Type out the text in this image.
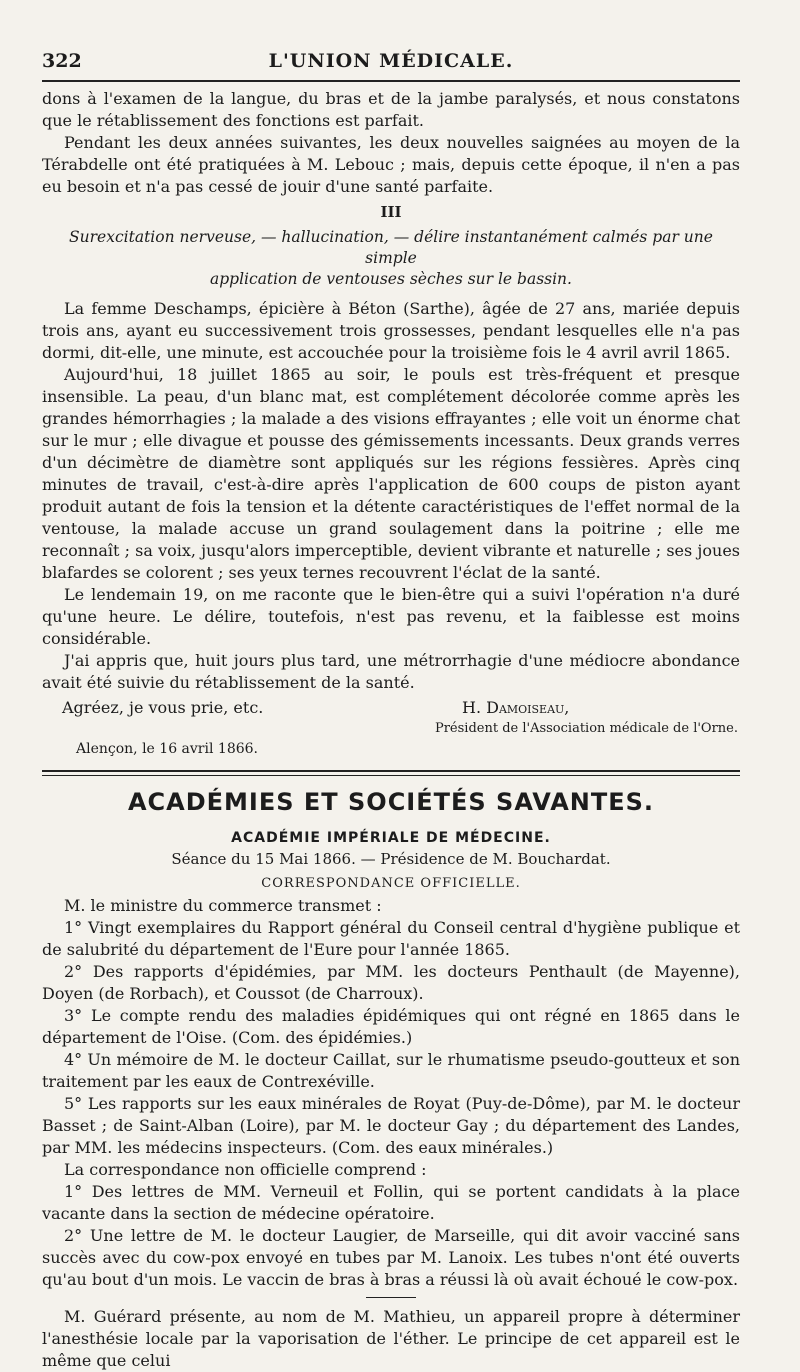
322	L'UNION MÉDICALE.

dons à l'examen de la langue, du bras et de la jambe paralysés, et nous constatons que le rétablissement des fonctions est parfait.

Pendant les deux années suivantes, les deux nouvelles saignées au moyen de la Térabdelle ont été pratiquées à M. Lebouc ; mais, depuis cette époque, il n'en a pas eu besoin et n'a pas cessé de jouir d'une santé parfaite.

III
Surexcitation nerveuse, — hallucination, — délire instantanément calmés par une simple
application de ventouses sèches sur le bassin.

La femme Deschamps, épicière à Béton (Sarthe), âgée de 27 ans, mariée depuis trois ans, ayant eu successivement trois grossesses, pendant lesquelles elle n'a pas dormi, dit-elle, une minute, est accouchée pour la troisième fois le 4 avril avril 1865.

Aujourd'hui, 18 juillet 1865 au soir, le pouls est très-fréquent et presque insensible. La peau, d'un blanc mat, est complétement décolorée comme après les grandes hémorrhagies ; la malade a des visions effrayantes ; elle voit un énorme chat sur le mur ; elle divague et pousse des gémissements incessants. Deux grands verres d'un décimètre de diamètre sont appliqués sur les régions fessières. Après cinq minutes de travail, c'est-à-dire après l'application de 600 coups de piston ayant produit autant de fois la tension et la détente caractéristiques de l'effet normal de la ventouse, la malade accuse un grand soulagement dans la poitrine ; elle me reconnaît ; sa voix, jusqu'alors imperceptible, devient vibrante et naturelle ; ses joues blafardes se colorent ; ses yeux ternes recouvrent l'éclat de la santé.

Le lendemain 19, on me raconte que le bien-être qui a suivi l'opération n'a duré qu'une heure. Le délire, toutefois, n'est pas revenu, et la faiblesse est moins considérable.

J'ai appris que, huit jours plus tard, une métrorrhagie d'une médiocre abondance avait été suivie du rétablissement de la santé.

Agréez, je vous prie, etc.	H. Damoiseau,
Président de l'Association médicale de l'Orne.
Alençon, le 16 avril 1866.
ACADÉMIES ET SOCIÉTÉS SAVANTES.
ACADÉMIE IMPÉRIALE DE MÉDECINE.
Séance du 15 Mai 1866. — Présidence de M. Bouchardat.
CORRESPONDANCE OFFICIELLE.

M. le ministre du commerce transmet :

1° Vingt exemplaires du Rapport général du Conseil central d'hygiène publique et de salubrité du département de l'Eure pour l'année 1865.

2° Des rapports d'épidémies, par MM. les docteurs Penthault (de Mayenne), Doyen (de Rorbach), et Coussot (de Charroux).

3° Le compte rendu des maladies épidémiques qui ont régné en 1865 dans le département de l'Oise. (Com. des épidémies.)

4° Un mémoire de M. le docteur Caillat, sur le rhumatisme pseudo-goutteux et son traitement par les eaux de Contrexéville.

5° Les rapports sur les eaux minérales de Royat (Puy-de-Dôme), par M. le docteur Basset ; de Saint-Alban (Loire), par M. le docteur Gay ; du département des Landes, par MM. les médecins inspecteurs. (Com. des eaux minérales.)

La correspondance non officielle comprend :

1° Des lettres de MM. Verneuil et Follin, qui se portent candidats à la place vacante dans la section de médecine opératoire.

2° Une lettre de M. le docteur Laugier, de Marseille, qui dit avoir vacciné sans succès avec du cow-pox envoyé en tubes par M. Lanoix. Les tubes n'ont été ouverts qu'au bout d'un mois. Le vaccin de bras à bras a réussi là où avait échoué le cow-pox.

M. Guérard présente, au nom de M. Mathieu, un appareil propre à déterminer l'anesthésie locale par la vaporisation de l'éther. Le principe de cet appareil est le même que celui
